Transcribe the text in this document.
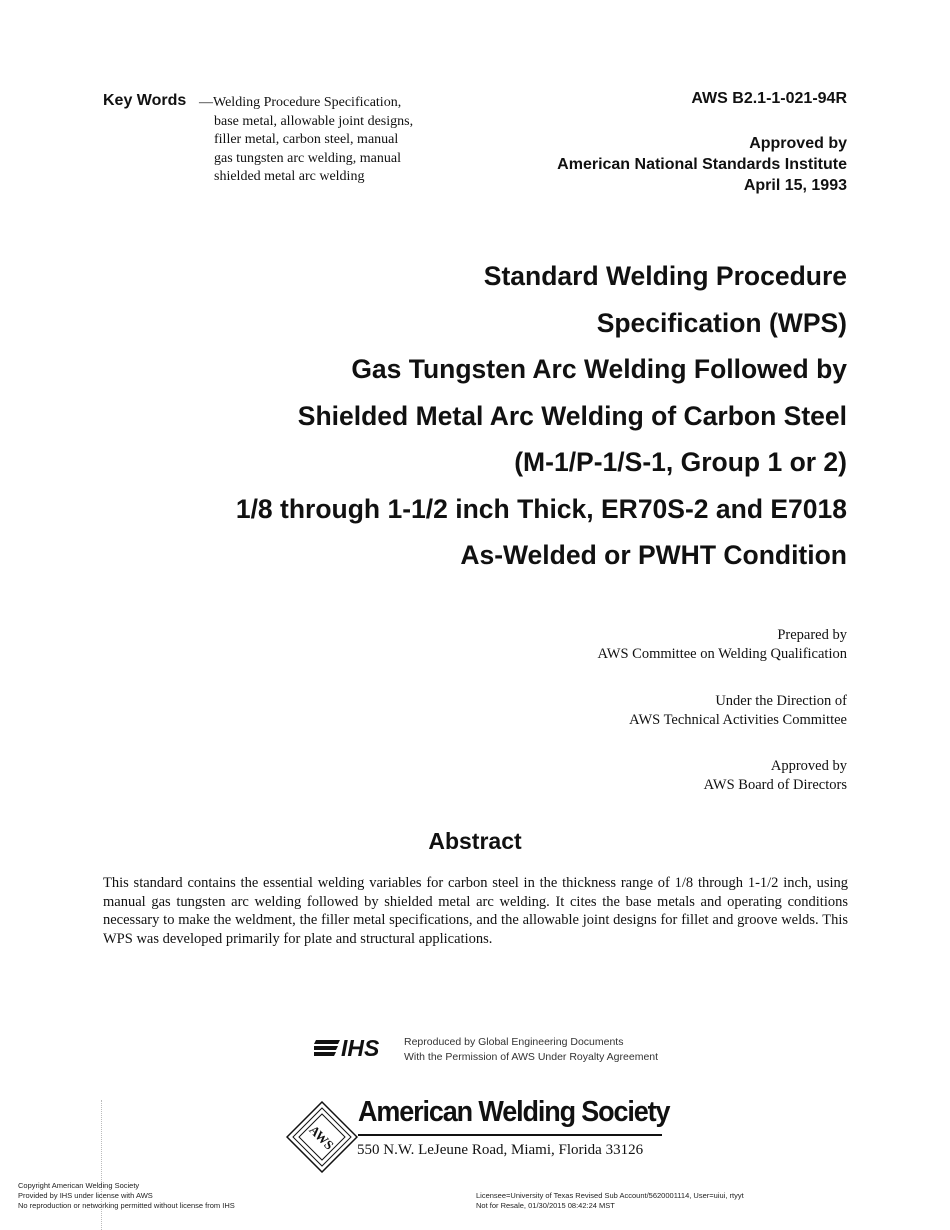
Key Words —Welding Procedure Specification,
base metal, allowable joint designs,
filler metal, carbon steel, manual
gas tungsten arc welding, manual
shielded metal arc welding
AWS B2.1-1-021-94R
Approved by
American National Standards Institute
April 15, 1993
Standard Welding Procedure
Specification (WPS)
Gas Tungsten Arc Welding Followed by
Shielded Metal Arc Welding of Carbon Steel
(M-1/P-1/S-1, Group 1 or 2)
1/8 through 1-1/2 inch Thick, ER70S-2 and E7018
As-Welded or PWHT Condition
Prepared by
AWS Committee on Welding Qualification
Under the Direction of
AWS Technical Activities Committee
Approved by
AWS Board of Directors
Abstract
This standard contains the essential welding variables for carbon steel in the thickness range of 1/8 through 1-1/2 inch, using manual gas tungsten arc welding followed by shielded metal arc welding. It cites the base metals and operating conditions necessary to make the weldment, the filler metal specifications, and the allowable joint designs for fillet and groove welds. This WPS was developed primarily for plate and structural applications.
IHS Reproduced by Global Engineering Documents
With the Permission of AWS Under Royalty Agreement
AWS
American Welding Society
550 N.W. LeJeune Road, Miami, Florida 33126
Copyright American Welding Society
Provided by IHS under license with AWS
No reproduction or networking permitted without license from IHS
Licensee=University of Texas Revised Sub Account/5620001114, User=uiui, rtyyt
Not for Resale, 01/30/2015 08:42:24 MST
